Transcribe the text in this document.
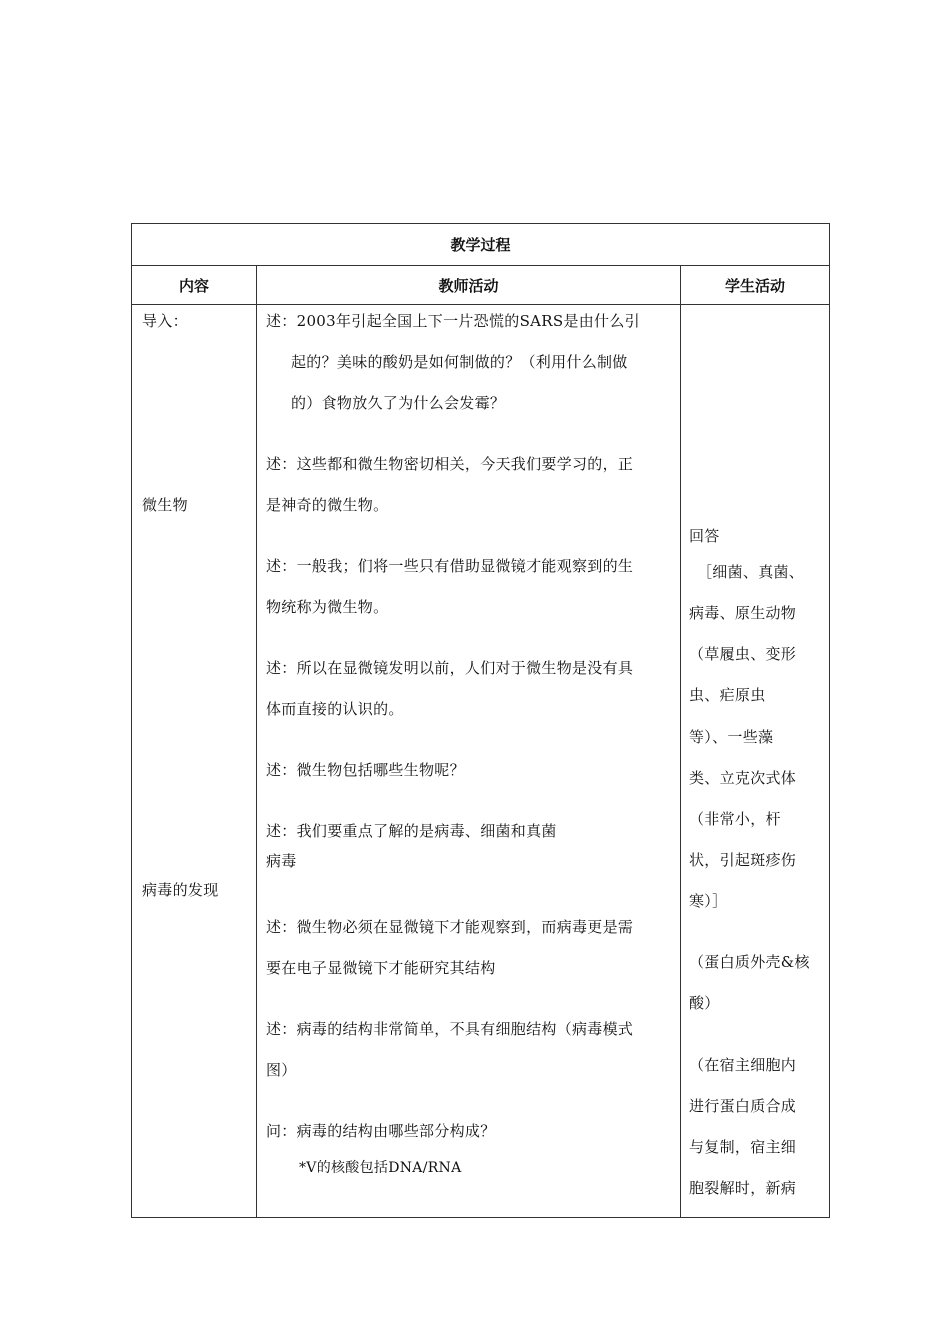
教学过程
内容	教师活动	学生活动
导入：
微生物
病毒的发现
述：2003年引起全国上下一片恐慌的SARS是由什么引
起的？美味的酸奶是如何制做的？（利用什么制做
的）食物放久了为什么会发霉？
述：这些都和微生物密切相关，今天我们要学习的，正
是神奇的微生物。
述：一般我；们将一些只有借助显微镜才能观察到的生
物统称为微生物。
述：所以在显微镜发明以前，人们对于微生物是没有具
体而直接的认识的。
述：微生物包括哪些生物呢？
述：我们要重点了解的是病毒、细菌和真菌
病毒
述：微生物必须在显微镜下才能观察到，而病毒更是需
要在电子显微镜下才能研究其结构
述：病毒的结构非常简单，不具有细胞结构（病毒模式
图）
问：病毒的结构由哪些部分构成？
*V的核酸包括DNA/RNA
回答
［细菌、真菌、
病毒、原生动物
（草履虫、变形
虫、疟原虫
等）、一些藻
类、立克次式体
（非常小，杆
状，引起斑疹伤
寒）］
（蛋白质外壳&核
酸）
（在宿主细胞内
进行蛋白质合成
与复制，宿主细
胞裂解时，新病
